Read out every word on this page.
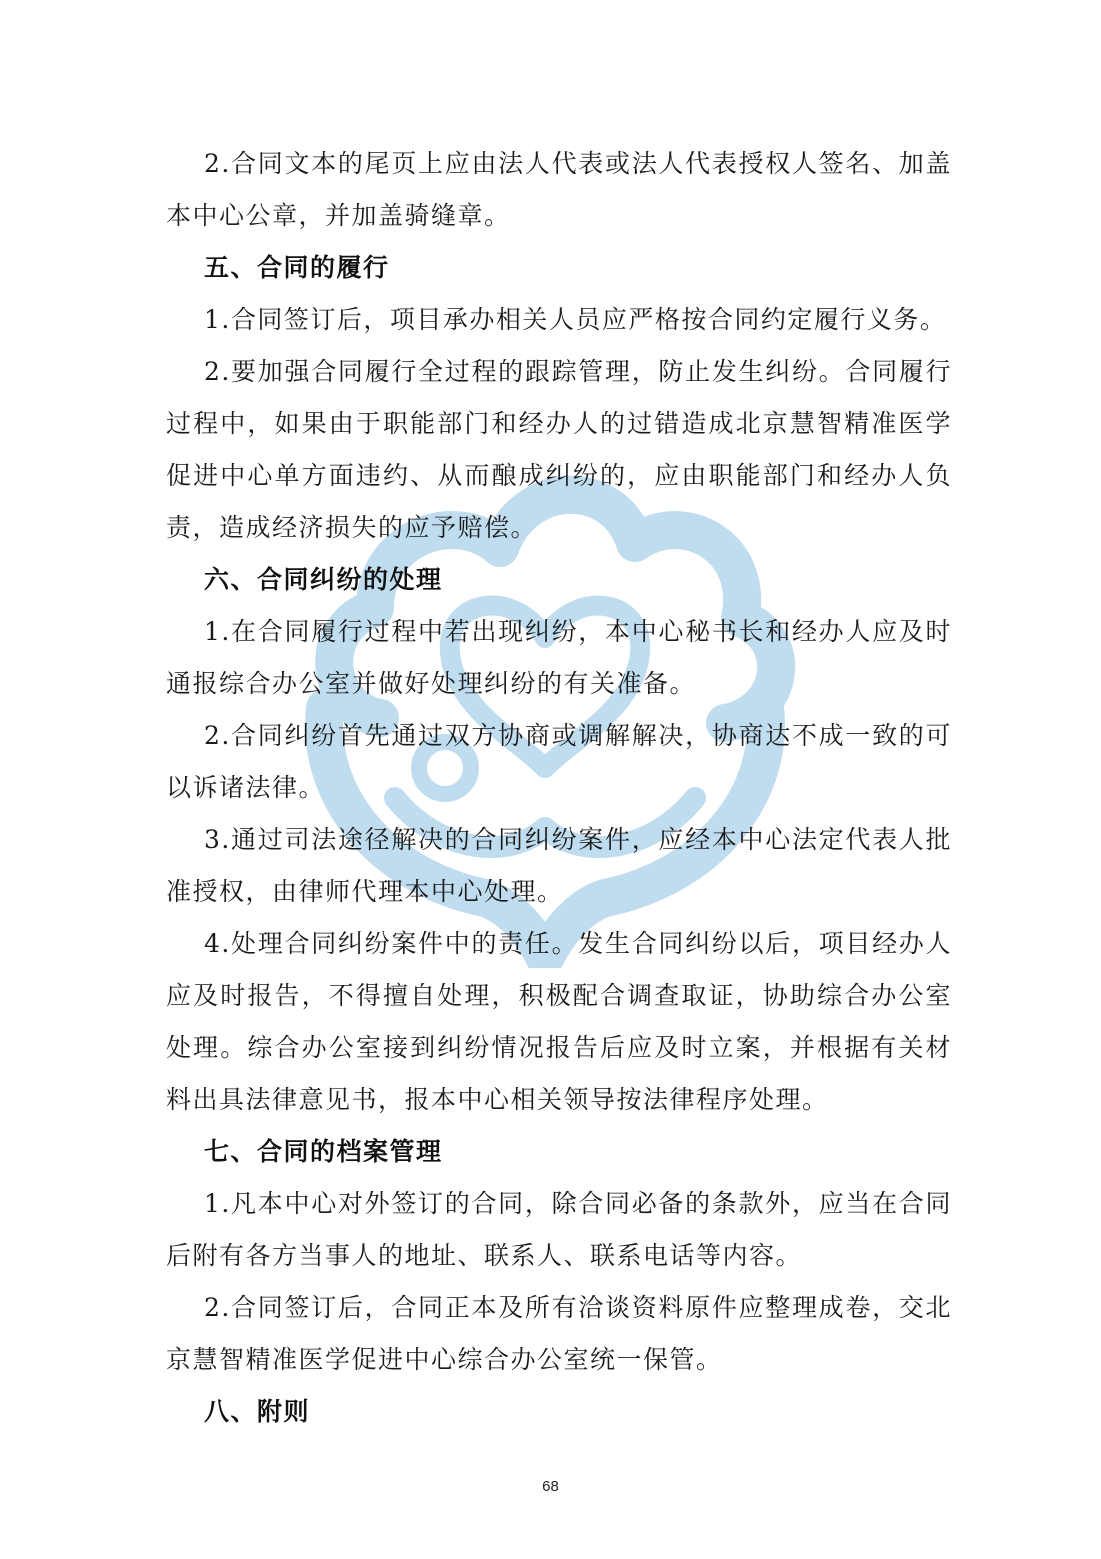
2.合同文本的尾页上应由法人代表或法人代表授权人签名、加盖本中心公章，并加盖骑缝章。

五、合同的履行

1.合同签订后，项目承办相关人员应严格按合同约定履行义务。

2.要加强合同履行全过程的跟踪管理，防止发生纠纷。合同履行过程中，如果由于职能部门和经办人的过错造成北京慧智精准医学促进中心单方面违约、从而酿成纠纷的，应由职能部门和经办人负责，造成经济损失的应予赔偿。

六、合同纠纷的处理

1.在合同履行过程中若出现纠纷，本中心秘书长和经办人应及时通报综合办公室并做好处理纠纷的有关准备。

2.合同纠纷首先通过双方协商或调解解决，协商达不成一致的可以诉诸法律。

3.通过司法途径解决的合同纠纷案件，应经本中心法定代表人批准授权，由律师代理本中心处理。

4.处理合同纠纷案件中的责任。发生合同纠纷以后，项目经办人应及时报告，不得擅自处理，积极配合调查取证，协助综合办公室处理。综合办公室接到纠纷情况报告后应及时立案，并根据有关材料出具法律意见书，报本中心相关领导按法律程序处理。

七、合同的档案管理

1.凡本中心对外签订的合同，除合同必备的条款外，应当在合同后附有各方当事人的地址、联系人、联系电话等内容。

2.合同签订后，合同正本及所有洽谈资料原件应整理成卷，交北京慧智精准医学促进中心综合办公室统一保管。

八、附则
68
